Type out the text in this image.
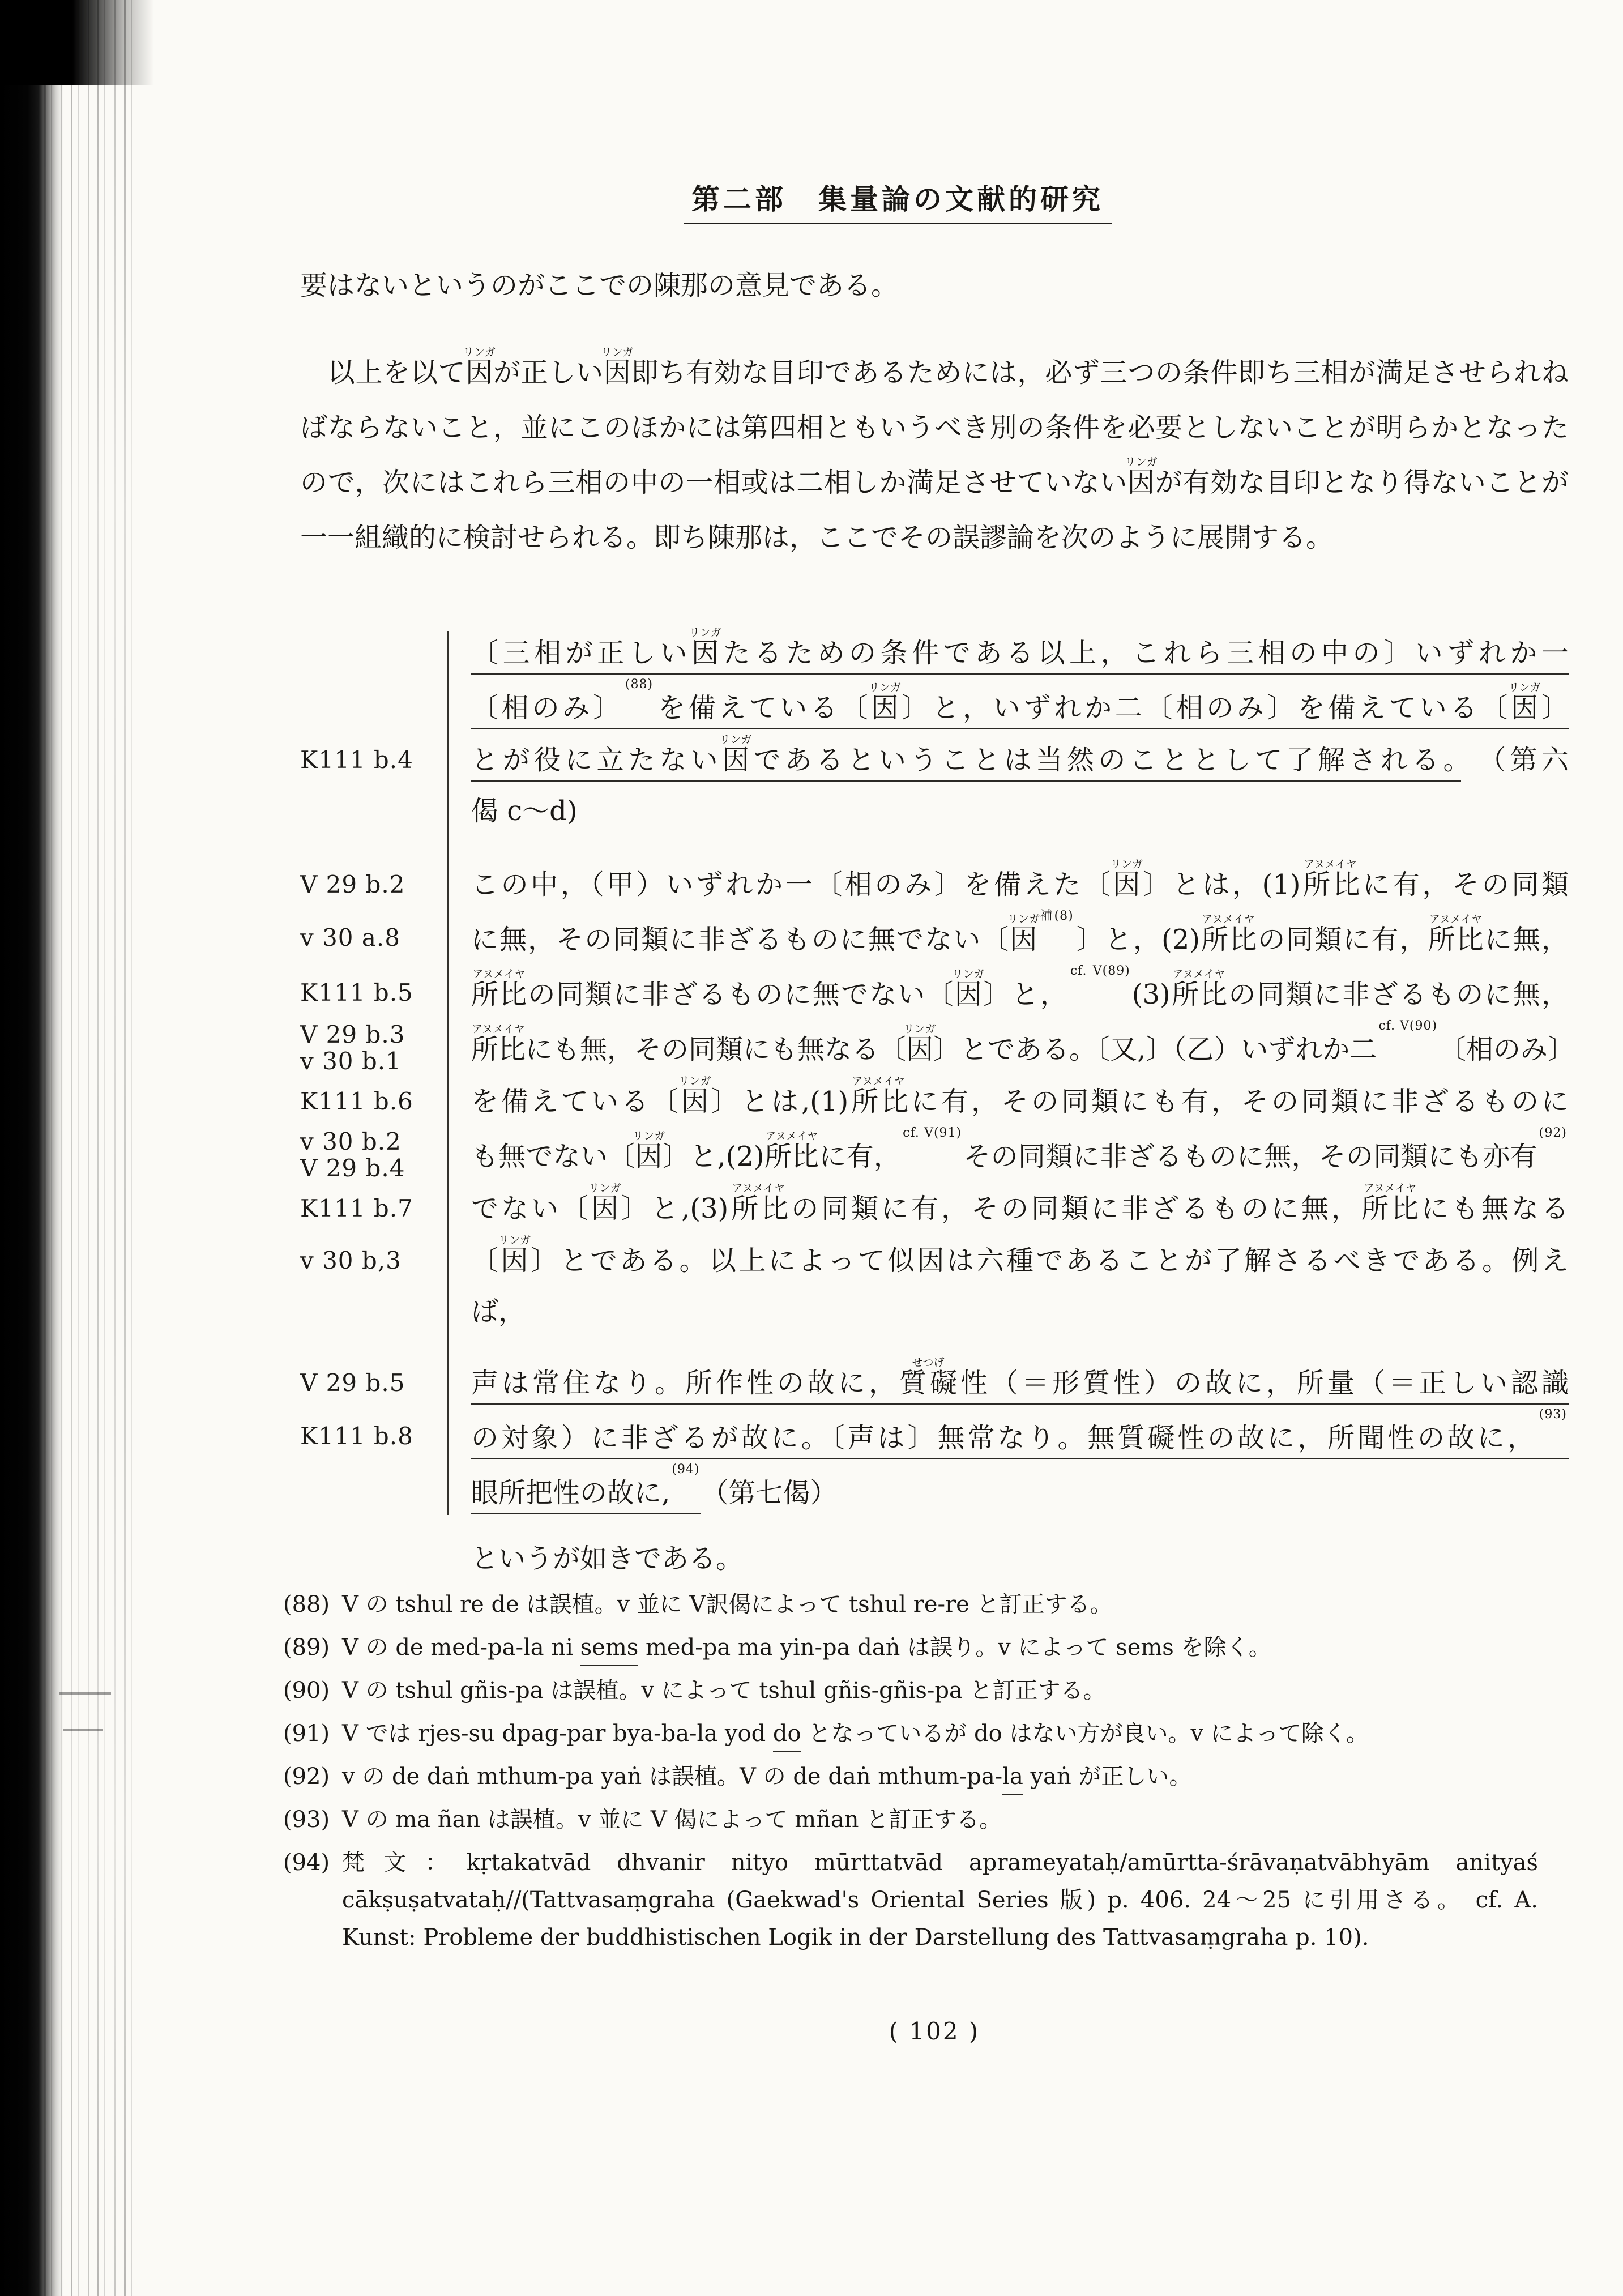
第二部　集量論の文献的研究
要はないというのがここでの陳那の意見である。
　以上を以て因リンガが正しい因リンガ即ち有効な目印であるためには，必ず三つの条件即ち三相が満足させられねばならないこと，並にこのほかには第四相ともいうべき別の条件を必要としないことが明らかとなったので，次にはこれら三相の中の一相或は二相しか満足させていない因リンガが有効な目印となり得ないことが一一組織的に検討せられる。即ち陳那は，ここでその誤謬論を次のように展開する。
〔三相が正しい因リンガたるための条件である以上，これら三相の中の〕いずれか一
〔相のみ〕$^{(88)}$を備えている〔因リンガ〕と，いずれか二〔相のみ〕を備えている〔因リンガ〕
K111 b.4	とが役に立たない因リンガであるということは当然のこととして了解される。　（第六
偈 c～d)
V 29 b.2	この中，（甲）いずれか一〔相のみ〕を備えた〔因リンガ〕とは，(1)所比アヌメイヤに有，その同類
v 30 a.8	に無，その同類に非ざるものに無でない〔因リンガ$^{補(8)}$〕と，(2)所比アヌメイヤの同類に有，所比アヌメイヤに無，
K111 b.5	所比アヌメイヤの同類に非ざるものに無でない〔因リンガ〕と，$^{cf. V(89)}$(3)所比アヌメイヤの同類に非ざるものに無，
V 29 b.3
v 30 b.1	所比アヌメイヤにも無，その同類にも無なる〔因リンガ〕とである。〔又,〕（乙）いずれか二$^{cf. V(90)}$〔相のみ〕
K111 b.6	を備えている〔因リンガ〕とは,(1)所比アヌメイヤに有，その同類にも有，その同類に非ざるものに
v 30 b.2
V 29 b.4	も無でない〔因リンガ〕と,(2)所比アヌメイヤに有，$^{cf. V(91)}$その同類に非ざるものに無，その同類にも亦有$^{(92)}$
K111 b.7	でない〔因リンガ〕と,(3)所比アヌメイヤの同類に有，その同類に非ざるものに無，所比アヌメイヤにも無なる
v 30 b,3	〔因リンガ〕とである。以上によって似因は六種であることが了解さるべきである。例え
ば，
V 29 b.5	声は常住なり。所作性の故に，質礙せつげ性（＝形質性）の故に，所量（＝正しい認識
K111 b.8	の対象）に非ざるが故に。〔声は〕無常なり。無質礙性の故に，所聞性の故に，$^{(93)}$
眼所把性の故に,$^{(94)}$（第七偈）
というが如きである。
(88) V の tshul re de は誤植。v 並に V訳偈によって tshul re-re と訂正する。
(89) V の de med-pa-la ni sems med-pa ma yin-pa daṅ は誤り。v によって sems を除く。
(90) V の tshul gñis-pa は誤植。v によって tshul gñis-gñis-pa と訂正する。
(91) V では rjes-su dpag-par bya-ba-la yod do となっているが do はない方が良い。v によって除く。
(92) v の de daṅ mthum-pa yaṅ は誤植。V の de daṅ mthum-pa-la yaṅ が正しい。
(93) V の ma ñan は誤植。v 並に V 偈によって mñan と訂正する。
(94) 梵文：kṛtakatvād dhvanir nityo mūrttatvād aprameyataḥ/amūrtta-śrāvaṇatvābhyām anityaś cākṣuṣatvataḥ//(Tattvasaṃgraha (Gaekwad's Oriental Series 版) p. 406. 24～25 に引用さる。 cf. A. Kunst: Probleme der buddhistischen Logik in der Darstellung des Tattvasaṃgraha p. 10).
( 102 )
